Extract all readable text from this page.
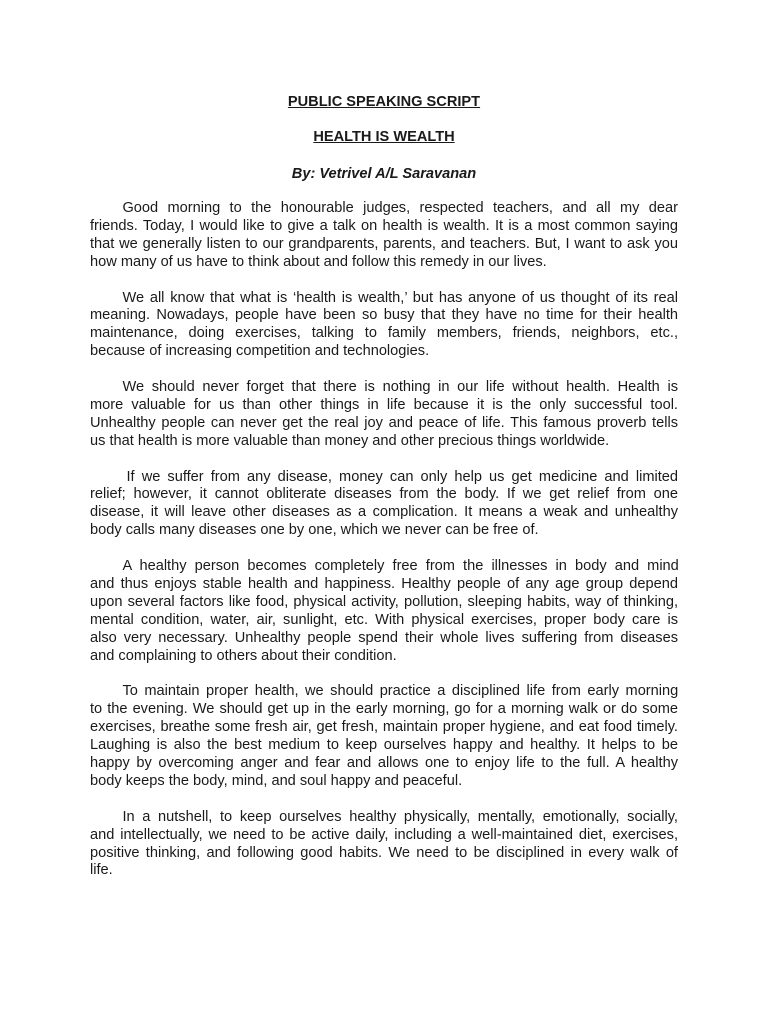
PUBLIC SPEAKING SCRIPT
HEALTH IS WEALTH
By: Vetrivel A/L Saravanan
Good morning to the honourable judges, respected teachers, and all my dear
friends. Today, I would like to give a talk on health is wealth. It is a most common saying
that we generally listen to our grandparents, parents, and teachers. But, I want to ask you
how many of us have to think about and follow this remedy in our lives.
We all know that what is ‘health is wealth,’ but has anyone of us thought of its real
meaning. Nowadays, people have been so busy that they have no time for their health
maintenance, doing exercises, talking to family members, friends, neighbors, etc.,
because of increasing competition and technologies.
We should never forget that there is nothing in our life without health. Health is
more valuable for us than other things in life because it is the only successful tool.
Unhealthy people can never get the real joy and peace of life. This famous proverb tells
us that health is more valuable than money and other precious things worldwide.
If we suffer from any disease, money can only help us get medicine and limited
relief; however, it cannot obliterate diseases from the body. If we get relief from one
disease, it will leave other diseases as a complication. It means a weak and unhealthy
body calls many diseases one by one, which we never can be free of.
A healthy person becomes completely free from the illnesses in body and mind
and thus enjoys stable health and happiness. Healthy people of any age group depend
upon several factors like food, physical activity, pollution, sleeping habits, way of thinking,
mental condition, water, air, sunlight, etc. With physical exercises, proper body care is
also very necessary. Unhealthy people spend their whole lives suffering from diseases
and complaining to others about their condition.
To maintain proper health, we should practice a disciplined life from early morning
to the evening. We should get up in the early morning, go for a morning walk or do some
exercises, breathe some fresh air, get fresh, maintain proper hygiene, and eat food timely.
Laughing is also the best medium to keep ourselves happy and healthy. It helps to be
happy by overcoming anger and fear and allows one to enjoy life to the full. A healthy
body keeps the body, mind, and soul happy and peaceful.
In a nutshell, to keep ourselves healthy physically, mentally, emotionally, socially,
and intellectually, we need to be active daily, including a well-maintained diet, exercises,
positive thinking, and following good habits. We need to be disciplined in every walk of
life.
